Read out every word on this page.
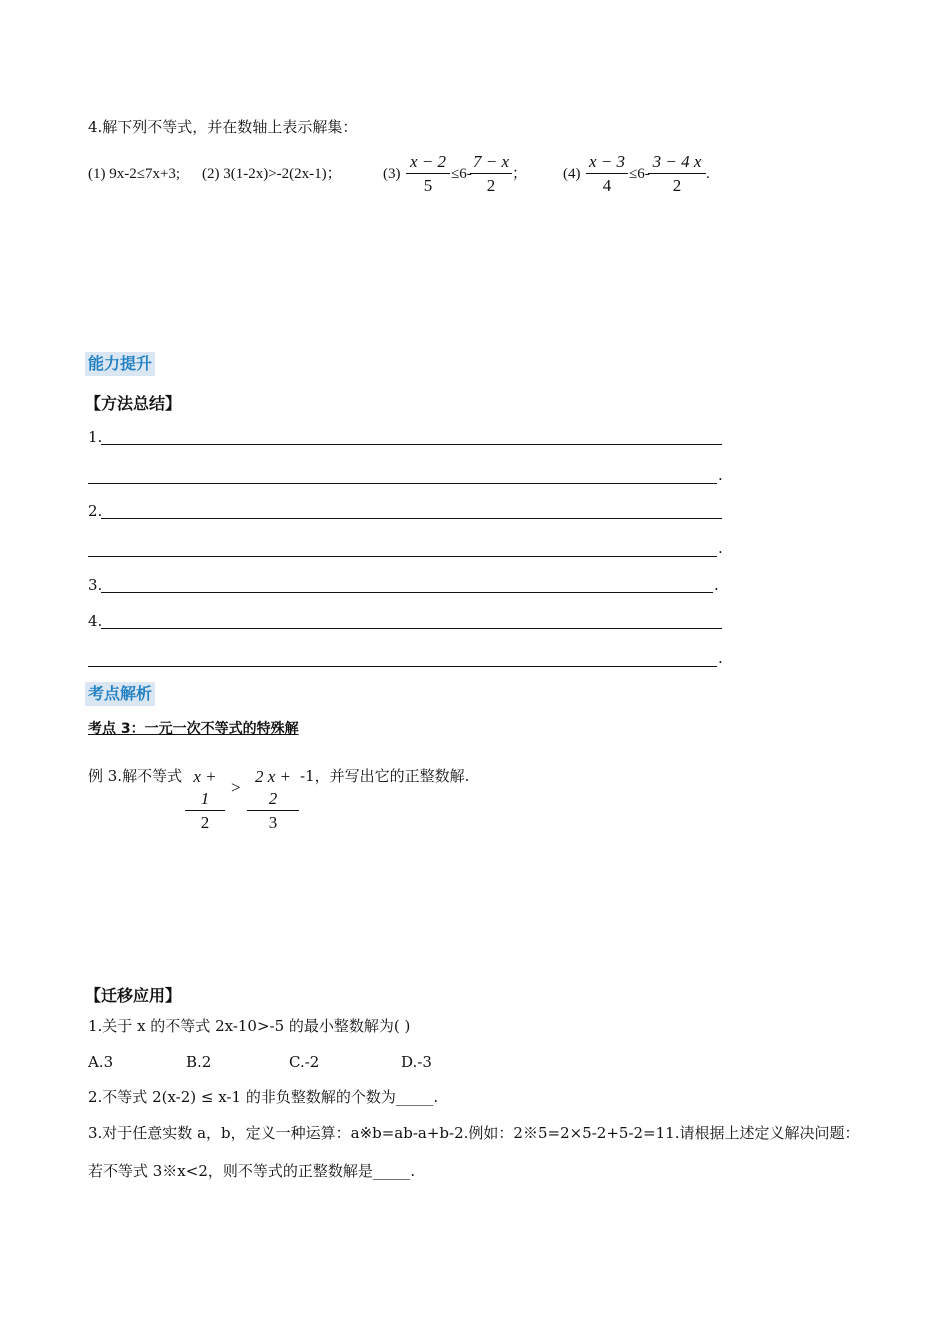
4.解下列不等式，并在数轴上表示解集：
(1) 9x-2≤7x+3; (2) 3(1-2x)>-2(2x-1)；	$(3) \frac{x - 2}{5} \le 6-$
$\frac{7 - x}{2}$ ； $(4) \frac{x - 3}{4} \le 6-$
$\frac{3 - 4 x}{2}$ .
能力提升
【方法总结】
1.
.
2.
.
3.	.
4.
.
考点解析
考点 3：一元一次不等式的特殊解
例 3.解不等式 $\frac{x + 1}{2} > \frac{2 x + 2}{3} -1$，并写出它的正整数解.
【迁移应用】
1.关于 x 的不等式 2x-10>-5 的最小整数解为( )
A.3	B.2	C.-2	D.-3
2.不等式 2(x-2) ≤ x-1 的非负整数解的个数为_____.
3.对于任意实数 a，b，定义一种运算：a※b=ab-a+b-2.例如：2※5=2×5-2+5-2=11.请根据上述定义解决问题：
若不等式 3※x<2，则不等式的正整数解是_____.
